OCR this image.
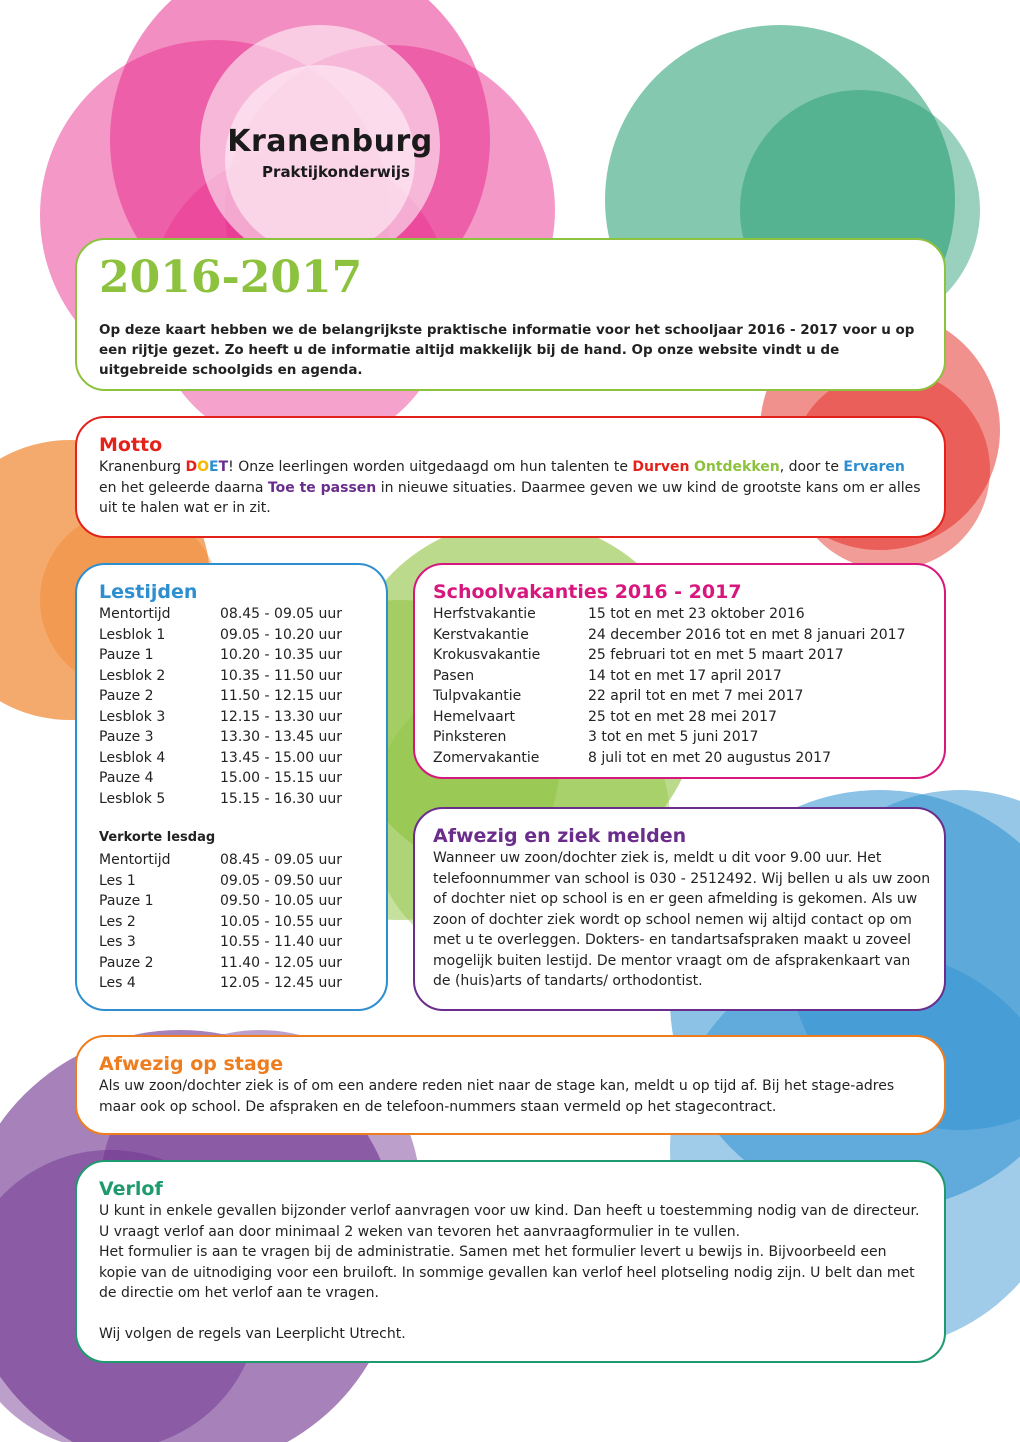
Kranenburg
Praktijkonderwijs
2016-2017

Op deze kaart hebben we de belangrijkste praktische informatie voor het schooljaar 2016 - 2017 voor u op een rijtje gezet. Zo heeft u de informatie altijd makkelijk bij de hand. Op onze website vindt u de uitgebreide schoolgids en agenda.

Motto

Kranenburg DOET! Onze leerlingen worden uitgedaagd om hun talenten te Durven Ontdekken, door te Ervaren en het geleerde daarna Toe te passen in nieuwe situaties. Daarmee geven we uw kind de grootste kans om er alles uit te halen wat er in zit.

Lestijden
Mentortijd	08.45 - 09.05 uur
Lesblok 1	09.05 - 10.20 uur
Pauze 1	10.20 - 10.35 uur
Lesblok 2	10.35 - 11.50 uur
Pauze 2	11.50 - 12.15 uur
Lesblok 3	12.15 - 13.30 uur
Pauze 3	13.30 - 13.45 uur
Lesblok 4	13.45 - 15.00 uur
Pauze 4	15.00 - 15.15 uur
Lesblok 5	15.15 - 16.30 uur
Verkorte lesdag
Mentortijd	08.45 - 09.05 uur
Les 1	09.05 - 09.50 uur
Pauze 1	09.50 - 10.05 uur
Les 2	10.05 - 10.55 uur
Les 3	10.55 - 11.40 uur
Pauze 2	11.40 - 12.05 uur
Les 4	12.05 - 12.45 uur
Schoolvakanties 2016 - 2017
Herfstvakantie	15 tot en met 23 oktober 2016
Kerstvakantie	24 december 2016 tot en met 8 januari 2017
Krokusvakantie	25 februari tot en met 5 maart 2017
Pasen	14 tot en met 17 april 2017
Tulpvakantie	22 april tot en met 7 mei 2017
Hemelvaart	25 tot en met 28 mei 2017
Pinksteren	3 tot en met 5 juni 2017
Zomervakantie	8 juli tot en met 20 augustus 2017
Afwezig en ziek melden

Wanneer uw zoon/dochter ziek is, meldt u dit voor 9.00 uur. Het telefoonnummer van school is 030 - 2512492. Wij bellen u als uw zoon of dochter niet op school is en er geen afmelding is gekomen. Als uw zoon of dochter ziek wordt op school nemen wij altijd contact op om met u te overleggen. Dokters- en tandartsafspraken maakt u zoveel mogelijk buiten lestijd. De mentor vraagt om de afsprakenkaart van de (huis)arts of tandarts/ orthodontist.

Afwezig op stage

Als uw zoon/dochter ziek is of om een andere reden niet naar de stage kan, meldt u op tijd af. Bij het stage-adres maar ook op school. De afspraken en de telefoon-nummers staan vermeld op het stagecontract.

Verlof

U kunt in enkele gevallen bijzonder verlof aanvragen voor uw kind. Dan heeft u toestemming nodig van de directeur. U vraagt verlof aan door minimaal 2 weken van tevoren het aanvraagformulier in te vullen.

Het formulier is aan te vragen bij de administratie. Samen met het formulier levert u bewijs in. Bijvoorbeeld een kopie van de uitnodiging voor een bruiloft. In sommige gevallen kan verlof heel plotseling nodig zijn. U belt dan met de directie om het verlof aan te vragen.

Wij volgen de regels van Leerplicht Utrecht.
